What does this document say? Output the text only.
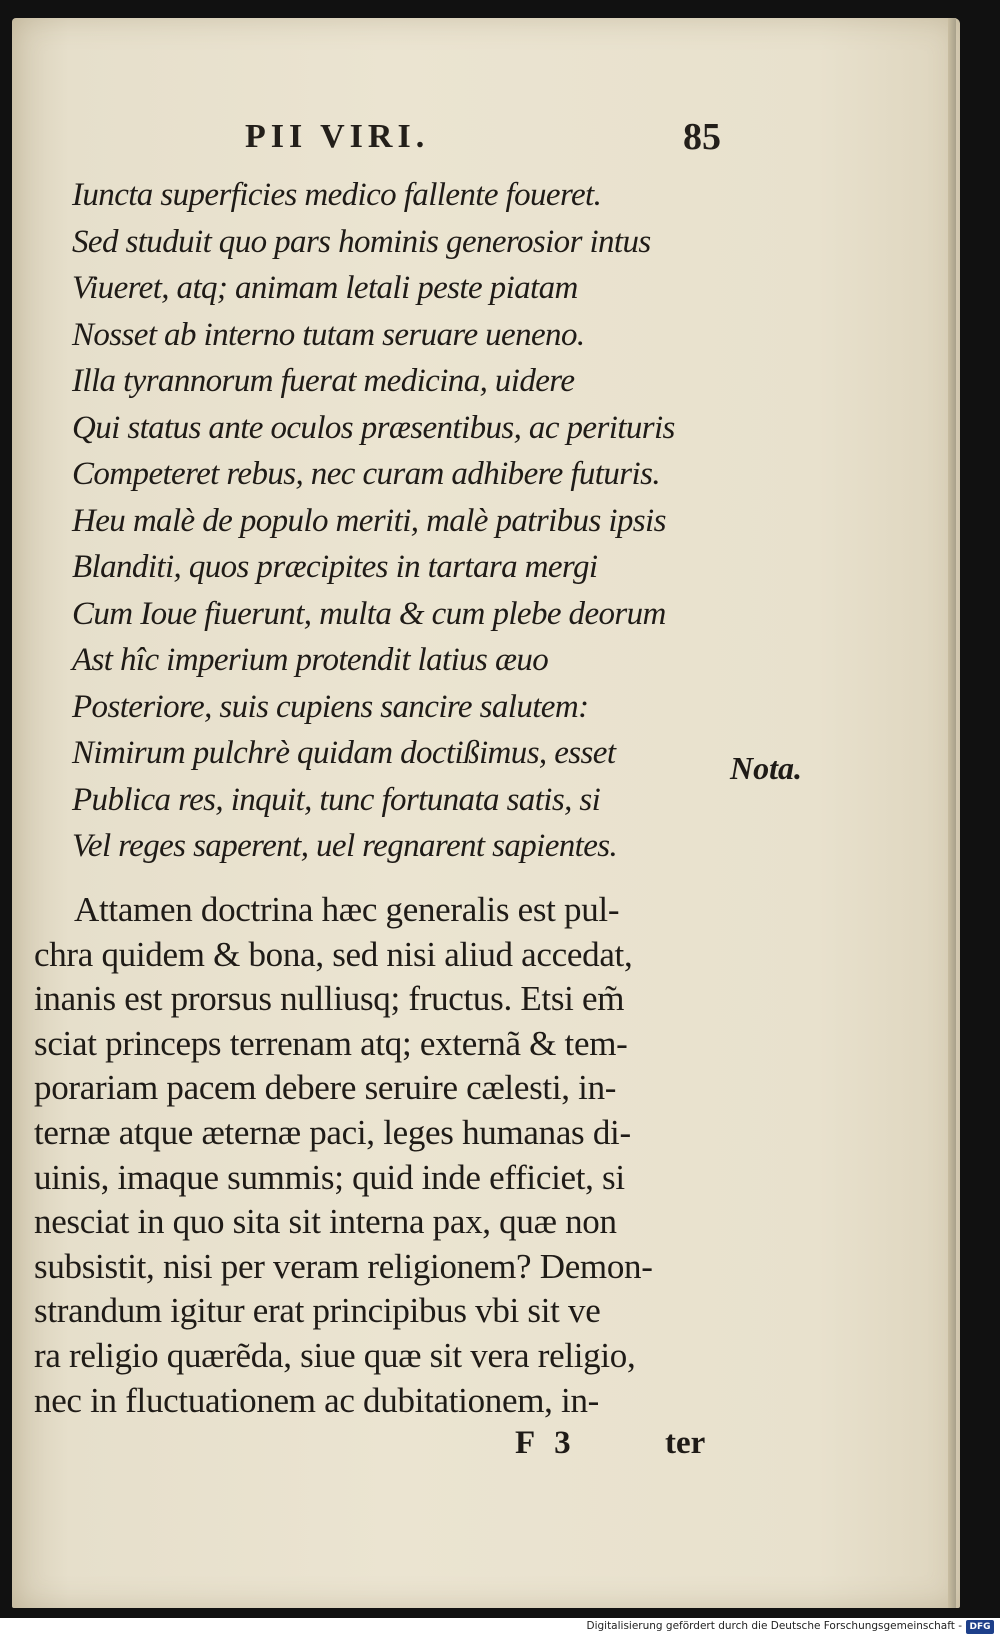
PII VIRI.	85
Iuncta superficies medico fallente foueret.
Sed studuit quo pars hominis generosior intus
Viueret, atq; animam letali peste piatam
Nosset ab interno tutam seruare ueneno.
Illa tyrannorum fuerat medicina, uidere
Qui status ante oculos præsentibus, ac perituris
Competeret rebus, nec curam adhibere futuris.
Heu malè de populo meriti, malè patribus ipsis
Blanditi, quos præcipites in tartara mergi
Cum Ioue fiuerunt, multa & cum plebe deorum
Ast hîc imperium protendit latius æuo
Posteriore, suis cupiens sancire salutem:
Nimirum pulchrè quidam doctißimus, esset
Publica res, inquit, tunc fortunata satis, si
Vel reges saperent, uel regnarent sapientes.
Nota.
Attamen doctrina hæc generalis est pul-
chra quidem & bona, sed nisi aliud accedat,
inanis est prorsus nulliusq; fructus. Etsi em̃
sciat princeps terrenam atq; externã & tem-
porariam pacem debere seruire cælesti, in-
ternæ atque æternæ paci, leges humanas di-
uinis, imaque summis; quid inde efficiet, si
nesciat in quo sita sit interna pax, quæ non
subsistit, nisi per veram religionem? Demon-
strandum igitur erat principibus vbi sit ve
ra religio quærẽda, siue quæ sit vera religio,
nec in fluctuationem ac dubitationem, in-
F 3	ter
Digitalisierung gefördert durch die Deutsche Forschungsgemeinschaft - DFG
